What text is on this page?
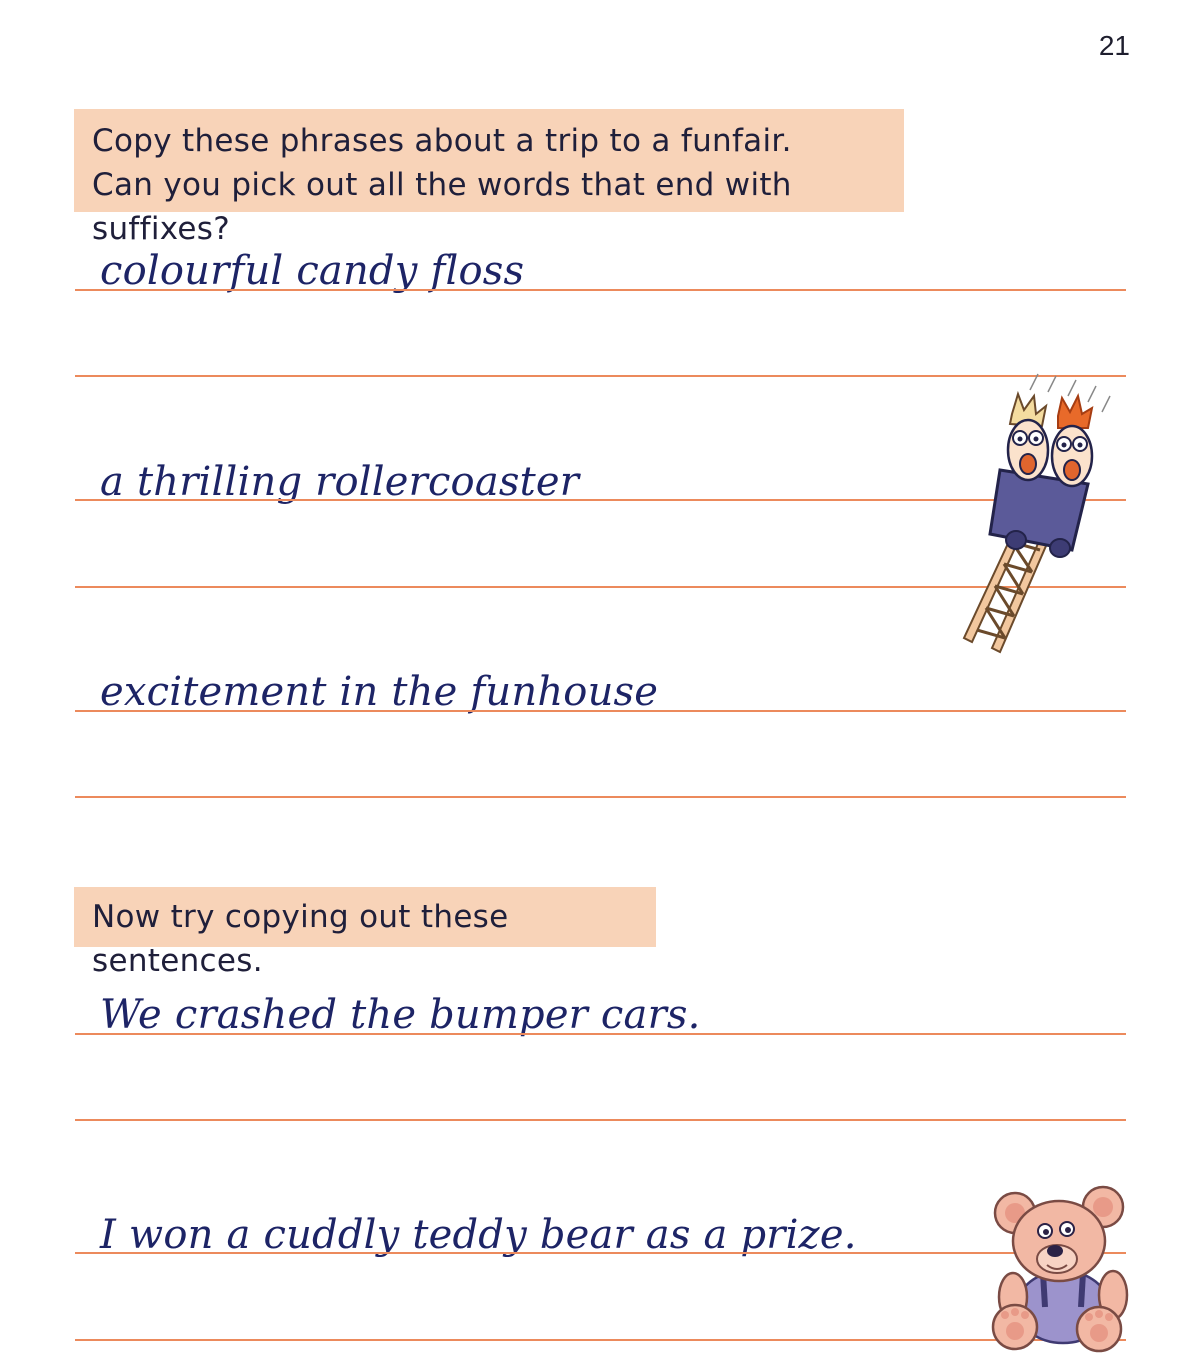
21
Copy these phrases about a trip to a funfair.
Can you pick out all the words that end with suffixes?
colourful candy floss
a thrilling rollercoaster
excitement in the funhouse
Now try copying out these sentences.
We crashed the bumper cars.
I won a cuddly teddy bear as a prize.
